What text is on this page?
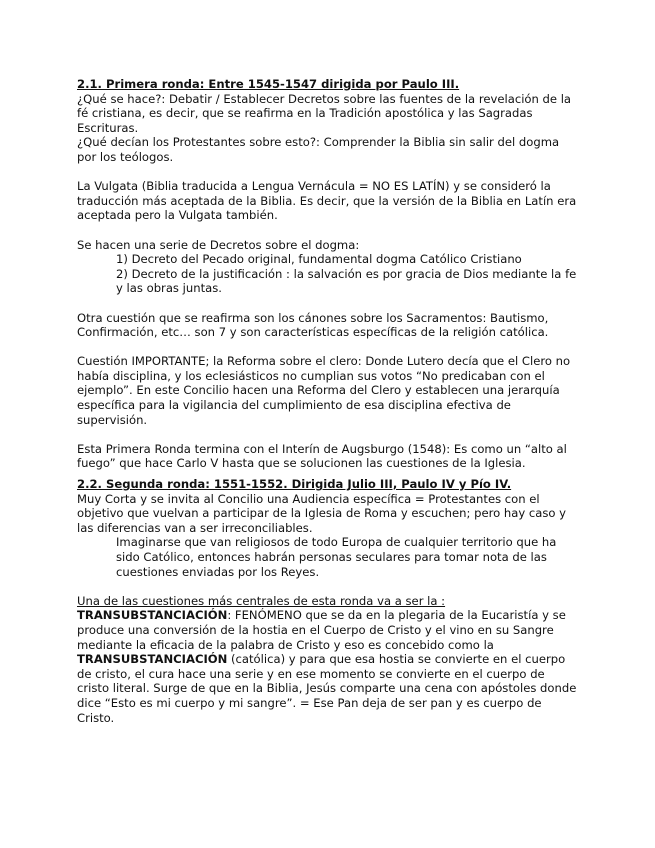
2.1. Primera ronda: Entre 1545-1547 dirigida por Paulo III.

¿Qué se hace?: Debatir / Establecer Decretos sobre las fuentes de la revelación de la fé cristiana, es decir, que se reafirma en la Tradición apostólica y las Sagradas Escrituras.

¿Qué decían los Protestantes sobre esto?: Comprender la Biblia sin salir del dogma por los teólogos.

La Vulgata (Biblia traducida a Lengua Vernácula = NO ES LATÍN) y se consideró la traducción más aceptada de la Biblia. Es decir, que la versión de la Biblia en Latín era aceptada pero la Vulgata también.

Se hacen una serie de Decretos sobre el dogma:

1) Decreto del Pecado original, fundamental dogma Católico Cristiano

2) Decreto de la justificación : la salvación es por gracia de Dios mediante la fe y las obras juntas.

Otra cuestión que se reafirma son los cánones sobre los Sacramentos: Bautismo, Confirmación, etc… son 7 y son características específicas de la religión católica.

Cuestión IMPORTANTE; la Reforma sobre el clero: Donde Lutero decía que el Clero no había disciplina, y los eclesiásticos no cumplian sus votos “No predicaban con el ejemplo”. En este Concilio hacen una Reforma del Clero y establecen una jerarquía específica para la vigilancia del cumplimiento de esa disciplina efectiva de supervisión.

Esta Primera Ronda termina con el Interín de Augsburgo (1548): Es como un “alto al fuego” que hace Carlo V hasta que se solucionen las cuestiones de la Iglesia.

2.2. Segunda ronda: 1551-1552. Dirigida Julio III, Paulo IV y Pío IV.

Muy Corta y se invita al Concilio una Audiencia específica = Protestantes con el objetivo que vuelvan a participar de la Iglesia de Roma y escuchen; pero hay caso y las diferencias van a ser irreconciliables.

Imaginarse que van religiosos de todo Europa de cualquier territorio que ha sido Católico, entonces habrán personas seculares para tomar nota de las cuestiones enviadas por los Reyes.

Una de las cuestiones más centrales de esta ronda va a ser la :

TRANSUBSTANCIACIÓN: FENÓMENO que se da en la plegaria de la Eucaristía y se produce una conversión de la hostia en el Cuerpo de Cristo y el vino en su Sangre mediante la eficacia de la palabra de Cristo y eso es concebido como la TRANSUBSTANCIACIÓN (católica) y para que esa hostia se convierte en el cuerpo de cristo, el cura hace una serie y en ese momento se convierte en el cuerpo de cristo literal. Surge de que en la Biblia, Jesús comparte una cena con apóstoles donde dice “Esto es mi cuerpo y mi sangre”. = Ese Pan deja de ser pan y es cuerpo de Cristo.
